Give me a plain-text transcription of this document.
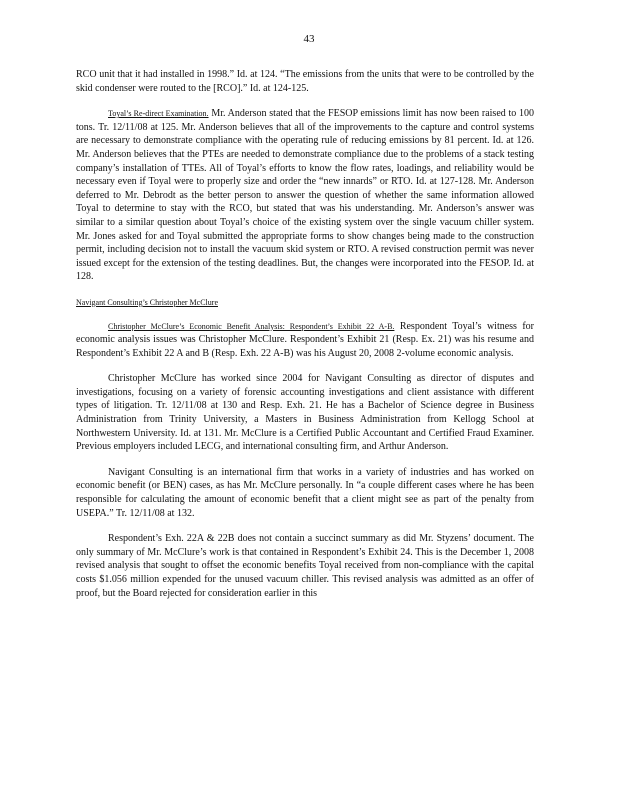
43

RCO unit that it had installed in 1998.” Id. at 124. “The emissions from the units that were to be controlled by the skid condenser were routed to the [RCO].” Id. at 124-125.

Toyal’s Re-direct Examination. Mr. Anderson stated that the FESOP emissions limit has now been raised to 100 tons. Tr. 12/11/08 at 125. Mr. Anderson believes that all of the improvements to the capture and control systems are necessary to demonstrate compliance with the operating rule of reducing emissions by 81 percent. Id. at 126. Mr. Anderson believes that the PTEs are needed to demonstrate compliance due to the problems of a stack testing company’s installation of TTEs. All of Toyal’s efforts to know the flow rates, loadings, and reliability would be necessary even if Toyal were to properly size and order the “new innards” or RTO. Id. at 127-128. Mr. Anderson deferred to Mr. Debrodt as the better person to answer the question of whether the same information allowed Toyal to determine to stay with the RCO, but stated that was his understanding. Mr. Anderson’s answer was similar to a similar question about Toyal’s choice of the existing system over the single vacuum chiller system. Mr. Jones asked for and Toyal submitted the appropriate forms to show changes being made to the construction permit, including decision not to install the vacuum skid system or RTO. A revised construction permit was never issued except for the extension of the testing deadlines. But, the changes were incorporated into the FESOP. Id. at 128.

Navigant Consulting’s Christopher McClure

Christopher McClure’s Economic Benefit Analysis: Respondent’s Exhibit 22 A-B. Respondent Toyal’s witness for economic analysis issues was Christopher McClure. Respondent’s Exhibit 21 (Resp. Ex. 21) was his resume and Respondent’s Exhibit 22 A and B (Resp. Exh. 22 A-B) was his August 20, 2008 2-volume economic analysis.

Christopher McClure has worked since 2004 for Navigant Consulting as director of disputes and investigations, focusing on a variety of forensic accounting investigations and client assistance with different types of litigation. Tr. 12/11/08 at 130 and Resp. Exh. 21. He has a Bachelor of Science degree in Business Administration from Trinity University, a Masters in Business Administration from Kellogg School at Northwestern University. Id. at 131. Mr. McClure is a Certified Public Accountant and Certified Fraud Examiner. Previous employers included LECG, and international consulting firm, and Arthur Anderson.

Navigant Consulting is an international firm that works in a variety of industries and has worked on economic benefit (or BEN) cases, as has Mr. McClure personally. In “a couple different cases where he has been responsible for calculating the amount of economic benefit that a client might see as part of the penalty from USEPA.” Tr. 12/11/08 at 132.

Respondent’s Exh. 22A & 22B does not contain a succinct summary as did Mr. Styzens’ document. The only summary of Mr. McClure’s work is that contained in Respondent’s Exhibit 24. This is the December 1, 2008 revised analysis that sought to offset the economic benefits Toyal received from non-compliance with the capital costs $1.056 million expended for the unused vacuum chiller. This revised analysis was admitted as an offer of proof, but the Board rejected for consideration earlier in this
